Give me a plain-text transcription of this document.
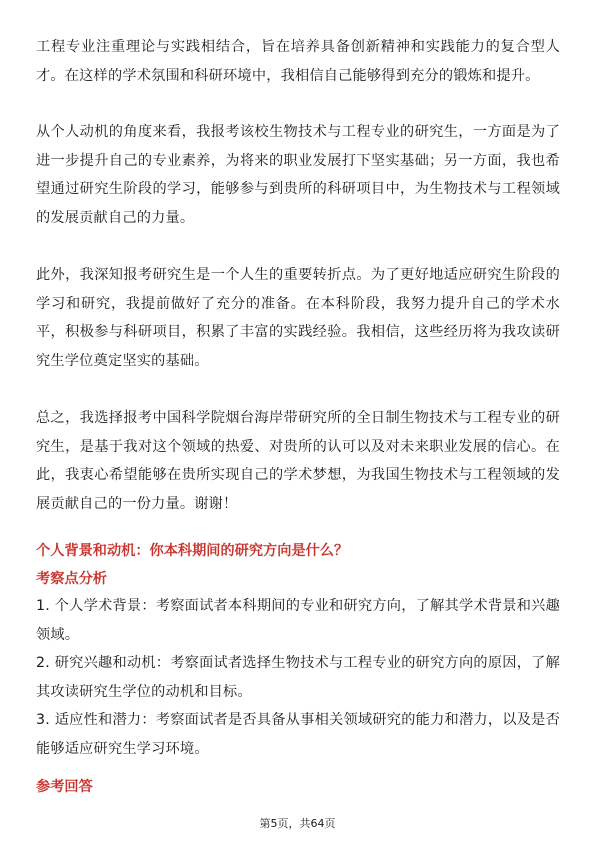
工程专业注重理论与实践相结合，旨在培养具备创新精神和实践能力的复合型人才。在这样的学术氛围和科研环境中，我相信自己能够得到充分的锻炼和提升。

从个人动机的角度来看，我报考该校生物技术与工程专业的研究生，一方面是为了进一步提升自己的专业素养，为将来的职业发展打下坚实基础；另一方面，我也希望通过研究生阶段的学习，能够参与到贵所的科研项目中，为生物技术与工程领域的发展贡献自己的力量。

此外，我深知报考研究生是一个人生的重要转折点。为了更好地适应研究生阶段的学习和研究，我提前做好了充分的准备。在本科阶段，我努力提升自己的学术水平，积极参与科研项目，积累了丰富的实践经验。我相信，这些经历将为我攻读研究生学位奠定坚实的基础。

总之，我选择报考中国科学院烟台海岸带研究所的全日制生物技术与工程专业的研究生，是基于我对这个领域的热爱、对贵所的认可以及对未来职业发展的信心。在此，我衷心希望能够在贵所实现自己的学术梦想，为我国生物技术与工程领域的发展贡献自己的一份力量。谢谢！

个人背景和动机：你本科期间的研究方向是什么？
考察点分析

1. 个人学术背景：考察面试者本科期间的专业和研究方向，了解其学术背景和兴趣领域。

2. 研究兴趣和动机：考察面试者选择生物技术与工程专业的研究方向的原因，了解其攻读研究生学位的动机和目标。

3. 适应性和潜力：考察面试者是否具备从事相关领域研究的能力和潜力，以及是否能够适应研究生学习环境。

参考回答
第5页，共64页
